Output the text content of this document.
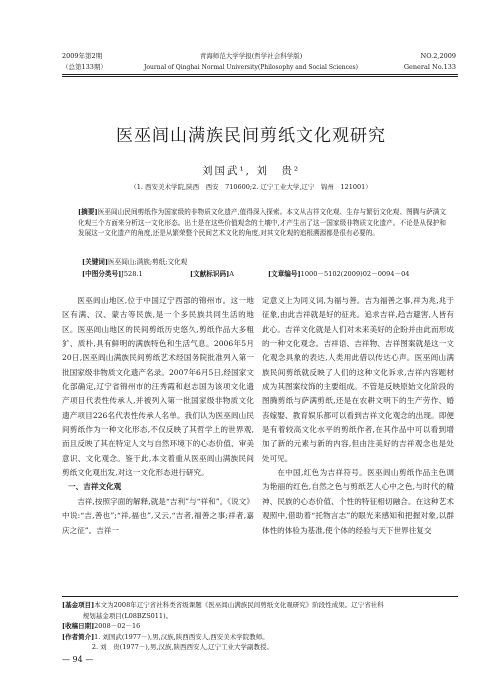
2009年第2期
（总第133期）
青海师范大学学报(哲学社会科学版)
Journal of Qinghai Normal University(Philosophy and Social Sciences)
NO.2,2009
General No.133
医巫闾山满族民间剪纸文化观研究
刘国武¹, 刘　贵²
（1. 西安美术学院,陕西　西安　710600;2. 辽宁工业大学,辽宁　锦州　121001）
[摘要]医巫闾山民间剪纸作为国家级的非物质文化遗产,值得深入探索。本文从吉祥文化观、生存与繁衍文化观、图腾与萨满文化观三个方面来分析这一文化形态。出土是在这些价值观念的土壤中,才产生出了这一国家级非物质文化遗产。不论是从保护和发展这一文化遗产的角度,还是从繁荣整个民间艺术文化的角度,对其文化观的追根溯源都是很有必要的。
[关键词]医巫闾山;满族;剪纸;文化观
[中图分类号]J528.1	[文献标识码]A	[文章编号]1000－5102(2009)02－0094－04

医巫闾山地区,位于中国辽宁西部的锦州市。这一地区有满、汉、蒙古等民族,是一个多民族共同生活的地区。医巫闾山地区的民间剪纸历史悠久,剪纸作品大多粗犷、质朴,具有鲜明的满族特色和生活气息。2006年5月20日,医巫闾山满族民间剪纸艺术经国务院批准列入第一批国家级非物质文化遗产名录。2007年6月5日,经国家文化部确定,辽宁省锦州市的汪秀霞和赵志国为该项文化遗产项目代表性传承人,并被列入第一批国家级非物质文化遗产项目226名代表性传承人名单。我们认为医巫闾山民间剪纸作为一种文化形态,不仅反映了其哲学上的世界观,而且反映了其在特定人文与自然环境下的心态价值、审美意识、文化观念。鉴于此,本文着重从医巫闾山满族民间剪纸文化观出发,对这一文化形态进行研究。

一、吉祥文化观

吉祥,按照字面的解释,就是“吉利”与“祥和”。《说文》中说:“吉,善也”;“祥,福也”,又云,“吉者,福善之事;祥者,嘉庆之征”。吉祥一

定意义上为同义词,为福与善。吉为福善之事,祥为兆,兆于征象,由此吉祥就是好的征兆。追求吉祥,趋吉避害,人皆有此心。吉祥文化就是人们对未来美好的企盼并由此而形成的一种文化观念。吉祥语、吉祥物、吉祥图案就是这一文化观念具象的表达,人类用此借以传达心声。医巫闾山满族民间剪纸就反映了人们的这种文化诉求,吉祥内容题材成为其图案纹饰的主要组成。不管是反映原始文化阶段的图腾剪纸与萨满剪纸,还是在农耕文明下的生产劳作、婚丧嫁娶、教育娱乐都可以看到吉祥文化观念的出现。即便是有着较高文化水平的剪纸作者,在其作品中可以看到增加了新的元素与新的内容,但由注美好的吉祥观念也是处处可见。

在中国,红色为吉祥符号。医巫闾山剪纸作品主色调为艳丽的红色,自然之色与剪纸艺人心中之色,与时代的精神、民族的心态价值、个性的特征相切融合。在这种艺术观照中,借助着“托物言志”的眼光来感知和把握对象,以群体性的体验为基准,使个体的经验与天下世界往复交

[基金项目]本文为2008年辽宁省社科类省级课题《医巫闾山满族民间剪纸文化观研究》阶段性成果。辽宁省社科
规划基金项目(L08BZS011)。
[收稿日期]2008－02－16
[作者简介]1. 刘国武(1977－),男,汉族,陕西西安人,西安美术学院教师。
2. 刘　贵(1977－),男,汉族,陕西西安人,辽宁工业大学副教授。
— 94 —
